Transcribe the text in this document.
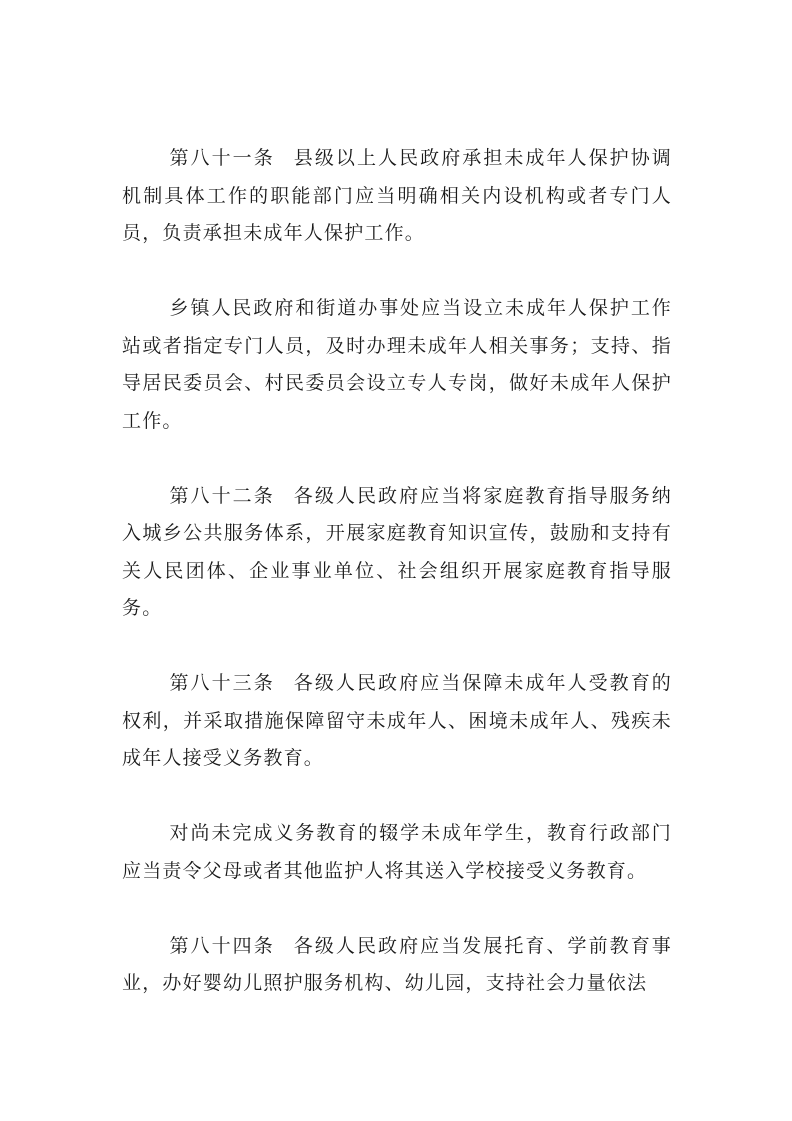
第八十一条 县级以上人民政府承担未成年人保护协调机制具体工作的职能部门应当明确相关内设机构或者专门人员，负责承担未成年人保护工作。

乡镇人民政府和街道办事处应当设立未成年人保护工作站或者指定专门人员，及时办理未成年人相关事务；支持、指导居民委员会、村民委员会设立专人专岗，做好未成年人保护工作。

第八十二条 各级人民政府应当将家庭教育指导服务纳入城乡公共服务体系，开展家庭教育知识宣传，鼓励和支持有关人民团体、企业事业单位、社会组织开展家庭教育指导服务。

第八十三条 各级人民政府应当保障未成年人受教育的权利，并采取措施保障留守未成年人、困境未成年人、残疾未成年人接受义务教育。

对尚未完成义务教育的辍学未成年学生，教育行政部门应当责令父母或者其他监护人将其送入学校接受义务教育。

第八十四条 各级人民政府应当发展托育、学前教育事业，办好婴幼儿照护服务机构、幼儿园，支持社会力量依法
